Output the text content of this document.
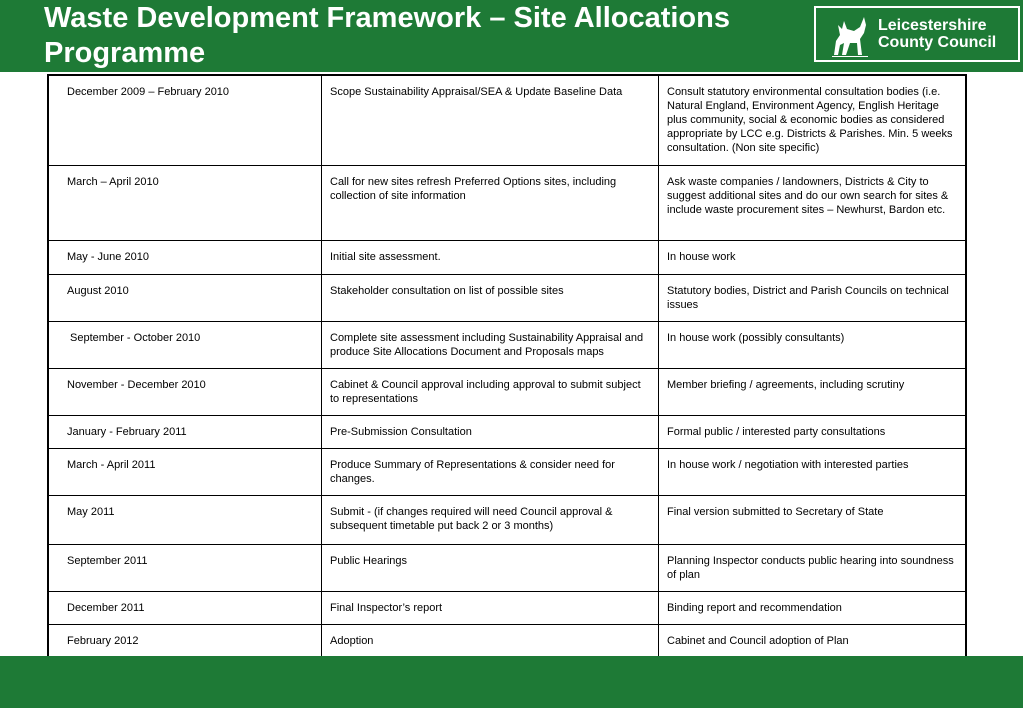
Waste Development Framework – Site Allocations Programme
Leicestershire
County Council
December 2009 – February 2010	Scope Sustainability Appraisal/SEA & Update Baseline Data	Consult statutory environmental consultation bodies (i.e. Natural England, Environment Agency, English Heritage plus community, social & economic bodies as considered appropriate by LCC e.g. Districts & Parishes. Min. 5 weeks consultation. (Non site specific)
March – April 2010	Call for new sites refresh Preferred Options sites, including collection of site information	Ask waste companies / landowners, Districts & City to suggest additional sites and do our own search for sites & include waste procurement sites – Newhurst, Bardon etc.
May - June 2010	Initial site assessment.	In house work
August 2010	Stakeholder consultation on list of possible sites	Statutory bodies, District and Parish Councils on technical issues
September - October 2010	Complete site assessment including Sustainability Appraisal and produce Site Allocations Document and Proposals maps	In house work (possibly consultants)
November - December 2010	Cabinet & Council approval including approval to submit subject to representations	Member briefing / agreements, including scrutiny
January - February 2011	Pre-Submission Consultation	Formal public / interested party consultations
March - April 2011	Produce Summary of Representations & consider need for changes.	In house work / negotiation with interested parties
May 2011	Submit - (if changes required will need Council approval & subsequent timetable put back 2 or 3 months)	Final version submitted to Secretary of State
September 2011	Public Hearings	Planning Inspector conducts public hearing into soundness of plan
December 2011	Final Inspector’s report	Binding report and recommendation
February 2012	Adoption	Cabinet and Council adoption of Plan
